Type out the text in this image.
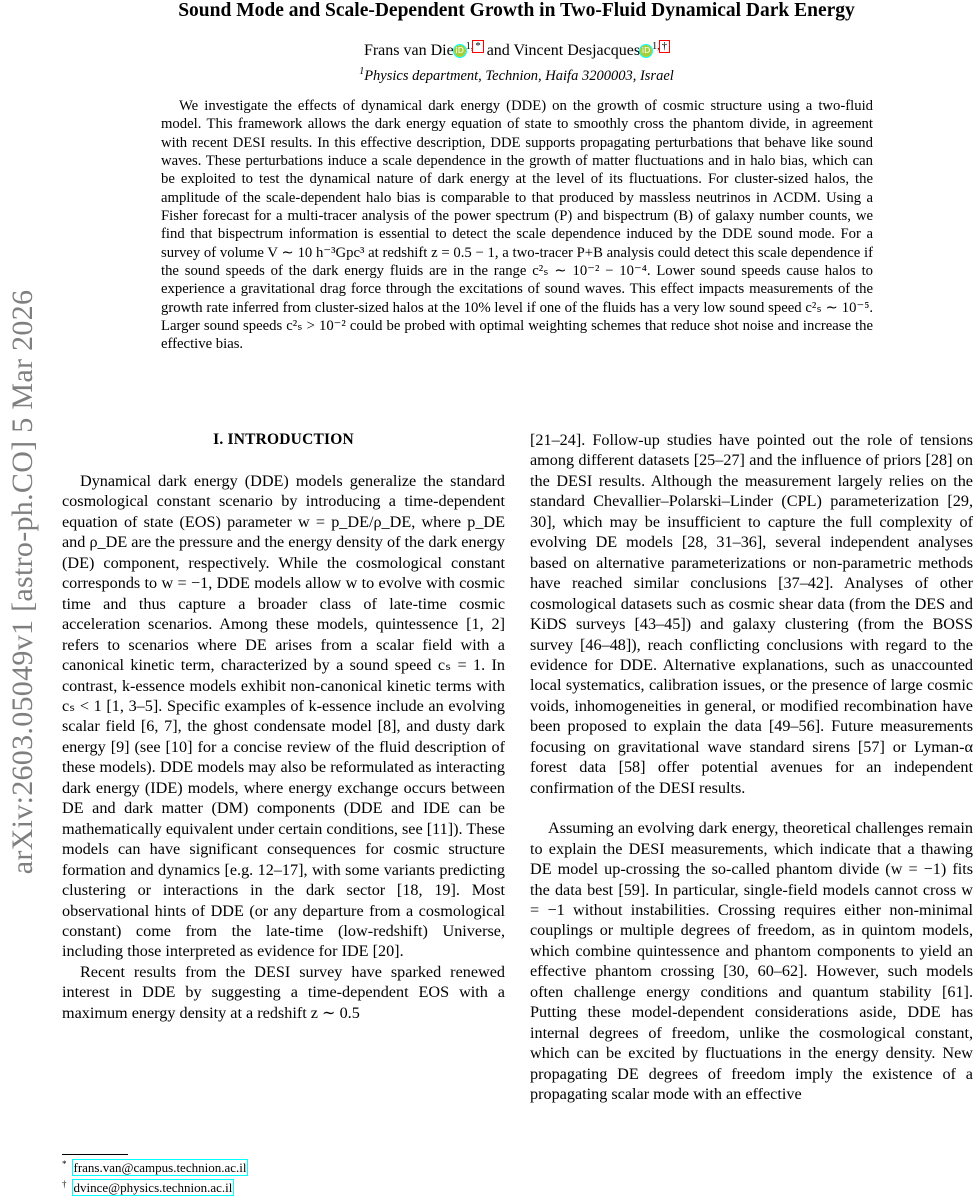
arXiv:2603.05049v1 [astro-ph.CO] 5 Mar 2026
Sound Mode and Scale-Dependent Growth in Two-Fluid Dynamical Dark Energy
Frans van Die iD $^{1,}$ * and Vincent Desjacques iD $^{1,}$ †
$^1$Physics department, Technion, Haifa 3200003, Israel
We investigate the effects of dynamical dark energy (DDE) on the growth of cosmic structure using a two-fluid model. This framework allows the dark energy equation of state to smoothly cross the phantom divide, in agreement with recent DESI results. In this effective description, DDE supports propagating perturbations that behave like sound waves. These perturbations induce a scale dependence in the growth of matter fluctuations and in halo bias, which can be exploited to test the dynamical nature of dark energy at the level of its fluctuations. For cluster-sized halos, the amplitude of the scale-dependent halo bias is comparable to that produced by massless neutrinos in ΛCDM. Using a Fisher forecast for a multi-tracer analysis of the power spectrum (P) and bispectrum (B) of galaxy number counts, we find that bispectrum information is essential to detect the scale dependence induced by the DDE sound mode. For a survey of volume V ∼ 10 h⁻³Gpc³ at redshift z = 0.5 − 1, a two-tracer P+B analysis could detect this scale dependence if the sound speeds of the dark energy fluids are in the range c²ₛ ∼ 10⁻² − 10⁻⁴. Lower sound speeds cause halos to experience a gravitational drag force through the excitations of sound waves. This effect impacts measurements of the growth rate inferred from cluster-sized halos at the 10% level if one of the fluids has a very low sound speed c²ₛ ∼ 10⁻⁵. Larger sound speeds c²ₛ > 10⁻² could be probed with optimal weighting schemes that reduce shot noise and increase the effective bias.
I. INTRODUCTION

Dynamical dark energy (DDE) models generalize the standard cosmological constant scenario by introducing a time-dependent equation of state (EOS) parameter w = p_DE/ρ_DE, where p_DE and ρ_DE are the pressure and the energy density of the dark energy (DE) component, respectively. While the cosmological constant corresponds to w = −1, DDE models allow w to evolve with cosmic time and thus capture a broader class of late-time cosmic acceleration scenarios. Among these models, quintessence [1, 2] refers to scenarios where DE arises from a scalar field with a canonical kinetic term, characterized by a sound speed cₛ = 1. In contrast, k-essence models exhibit non-canonical kinetic terms with cₛ < 1 [1, 3–5]. Specific examples of k-essence include an evolving scalar field [6, 7], the ghost condensate model [8], and dusty dark energy [9] (see [10] for a concise review of the fluid description of these models). DDE models may also be reformulated as interacting dark energy (IDE) models, where energy exchange occurs between DE and dark matter (DM) components (DDE and IDE can be mathematically equivalent under certain conditions, see [11]). These models can have significant consequences for cosmic structure formation and dynamics [e.g. 12–17], with some variants predicting clustering or interactions in the dark sector [18, 19]. Most observational hints of DDE (or any departure from a cosmological constant) come from the late-time (low-redshift) Universe, including those interpreted as evidence for IDE [20].

Recent results from the DESI survey have sparked renewed interest in DDE by suggesting a time-dependent EOS with a maximum energy density at a redshift z ∼ 0.5

[21–24]. Follow-up studies have pointed out the role of tensions among different datasets [25–27] and the influence of priors [28] on the DESI results. Although the measurement largely relies on the standard Chevallier–Polarski–Linder (CPL) parameterization [29, 30], which may be insufficient to capture the full complexity of evolving DE models [28, 31–36], several independent analyses based on alternative parameterizations or non-parametric methods have reached similar conclusions [37–42]. Analyses of other cosmological datasets such as cosmic shear data (from the DES and KiDS surveys [43–45]) and galaxy clustering (from the BOSS survey [46–48]), reach conflicting conclusions with regard to the evidence for DDE. Alternative explanations, such as unaccounted local systematics, calibration issues, or the presence of large cosmic voids, inhomogeneities in general, or modified recombination have been proposed to explain the data [49–56]. Future measurements focusing on gravitational wave standard sirens [57] or Lyman-α forest data [58] offer potential avenues for an independent confirmation of the DESI results.

Assuming an evolving dark energy, theoretical challenges remain to explain the DESI measurements, which indicate that a thawing DE model up-crossing the so-called phantom divide (w = −1) fits the data best [59]. In particular, single-field models cannot cross w = −1 without instabilities. Crossing requires either non-minimal couplings or multiple degrees of freedom, as in quintom models, which combine quintessence and phantom components to yield an effective phantom crossing [30, 60–62]. However, such models often challenge energy conditions and quantum stability [61]. Putting these model-dependent considerations aside, DDE has internal degrees of freedom, unlike the cosmological constant, which can be excited by fluctuations in the energy density. New propagating DE degrees of freedom imply the existence of a propagating scalar mode with an effective

* frans.van@campus.technion.ac.il
† dvince@physics.technion.ac.il
